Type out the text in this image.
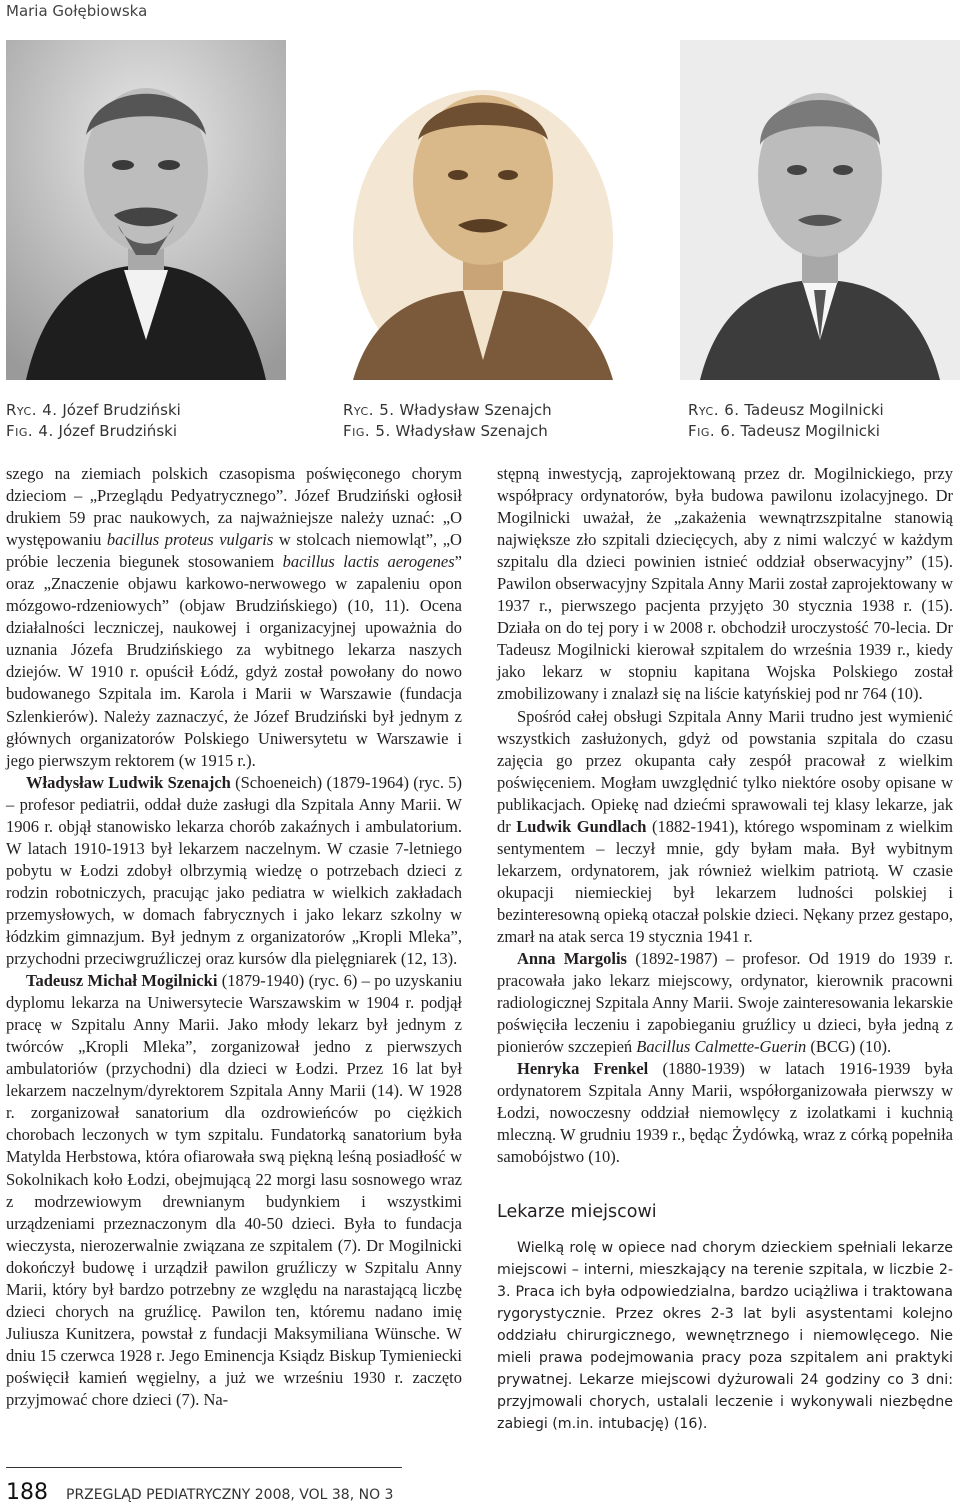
Maria Gołębiowska
Ryc. 4. Józef Brudziński
Fig. 4. Józef Brudziński
Ryc. 5. Władysław Szenajch
Fig. 5. Władysław Szenajch
Ryc. 6. Tadeusz Mogilnicki
Fig. 6. Tadeusz Mogilnicki

szego na ziemiach polskich czasopisma poświęconego chorym dzieciom – „Przeglądu Pedyatrycznego”. Józef Brudziński ogłosił drukiem 59 prac naukowych, za najważniejsze należy uznać: „O występowaniu bacillus proteus vulgaris w stolcach niemowląt”, „O próbie leczenia biegunek stosowaniem bacillus lactis aerogenes” oraz „Znaczenie objawu karkowo-nerwowego w zapaleniu opon mózgowo-rdzeniowych” (objaw Brudzińskiego) (10, 11). Ocena działalności leczniczej, naukowej i organizacyjnej upoważnia do uznania Józefa Brudzińskiego za wybitnego lekarza naszych dziejów. W 1910 r. opuścił Łódź, gdyż został powołany do nowo budowanego Szpitala im. Karola i Marii w Warszawie (fundacja Szlenkierów). Należy zaznaczyć, że Józef Brudziński był jednym z głównych organizatorów Polskiego Uniwersytetu w Warszawie i jego pierwszym rektorem (w 1915 r.).

Władysław Ludwik Szenajch (Schoeneich) (1879-1964) (ryc. 5) – profesor pediatrii, oddał duże zasługi dla Szpitala Anny Marii. W 1906 r. objął stanowisko lekarza chorób zakaźnych i ambulatorium. W latach 1910-1913 był lekarzem naczelnym. W czasie 7-letniego pobytu w Łodzi zdobył olbrzymią wiedzę o potrzebach dzieci z rodzin robotniczych, pracując jako pediatra w wielkich zakładach przemysłowych, w domach fabrycznych i jako lekarz szkolny w łódzkim gimnazjum. Był jednym z organizatorów „Kropli Mleka”, przychodni przeciwgruźliczej oraz kursów dla pielęgniarek (12, 13).

Tadeusz Michał Mogilnicki (1879-1940) (ryc. 6) – po uzyskaniu dyplomu lekarza na Uniwersytecie Warszawskim w 1904 r. podjął pracę w Szpitalu Anny Marii. Jako młody lekarz był jednym z twórców „Kropli Mleka”, zorganizował jedno z pierwszych ambulatoriów (przychodni) dla dzieci w Łodzi. Przez 16 lat był lekarzem naczelnym/dyrektorem Szpitala Anny Marii (14). W 1928 r. zorganizował sanatorium dla ozdrowieńców po ciężkich chorobach leczonych w tym szpitalu. Fundatorką sanatorium była Matylda Herbstowa, która ofiarowała swą piękną leśną posiadłość w Sokolnikach koło Łodzi, obejmującą 22 morgi lasu sosnowego wraz z modrzewiowym drewnianym budynkiem i wszystkimi urządzeniami przeznaczonym dla 40-50 dzieci. Była to fundacja wieczysta, nierozerwalnie związana ze szpitalem (7). Dr Mogilnicki dokończył budowę i urządził pawilon gruźliczy w Szpitalu Anny Marii, który był bardzo potrzebny ze względu na narastającą liczbę dzieci chorych na gruźlicę. Pawilon ten, któremu nadano imię Juliusza Kunitzera, powstał z fundacji Maksymiliana Wünsche. W dniu 15 czerwca 1928 r. Jego Eminencja Ksiądz Biskup Tymieniecki poświęcił kamień węgielny, a już we wrześniu 1930 r. zaczęto przyjmować chore dzieci (7). Na-

stępną inwestycją, zaprojektowaną przez dr. Mogilnickiego, przy współpracy ordynatorów, była budowa pawilonu izolacyjnego. Dr Mogilnicki uważał, że „zakażenia wewnątrzszpitalne stanowią największe zło szpitali dziecięcych, aby z nimi walczyć w każdym szpitalu dla dzieci powinien istnieć oddział obserwacyjny” (15). Pawilon obserwacyjny Szpitala Anny Marii został zaprojektowany w 1937 r., pierwszego pacjenta przyjęto 30 stycznia 1938 r. (15). Działa on do tej pory i w 2008 r. obchodził uroczystość 70-lecia. Dr Tadeusz Mogilnicki kierował szpitalem do września 1939 r., kiedy jako lekarz w stopniu kapitana Wojska Polskiego został zmobilizowany i znalazł się na liście katyńskiej pod nr 764 (10).

Spośród całej obsługi Szpitala Anny Marii trudno jest wymienić wszystkich zasłużonych, gdyż od powstania szpitala do czasu zajęcia go przez okupanta cały zespół pracował z wielkim poświęceniem. Mogłam uwzględnić tylko niektóre osoby opisane w publikacjach. Opiekę nad dziećmi sprawowali tej klasy lekarze, jak dr Ludwik Gundlach (1882-1941), którego wspominam z wielkim sentymentem – leczył mnie, gdy byłam mała. Był wybitnym lekarzem, ordynatorem, jak również wielkim patriotą. W czasie okupacji niemieckiej był lekarzem ludności polskiej i bezinteresowną opieką otaczał polskie dzieci. Nękany przez gestapo, zmarł na atak serca 19 stycznia 1941 r.

Anna Margolis (1892-1987) – profesor. Od 1919 do 1939 r. pracowała jako lekarz miejscowy, ordynator, kierownik pracowni radiologicznej Szpitala Anny Marii. Swoje zainteresowania lekarskie poświęciła leczeniu i zapobieganiu gruźlicy u dzieci, była jedną z pionierów szczepień Bacillus Calmette-Guerin (BCG) (10).

Henryka Frenkel (1880-1939) w latach 1916-1939 była ordynatorem Szpitala Anny Marii, współorganizowała pierwszy w Łodzi, nowoczesny oddział niemowlęcy z izolatkami i kuchnią mleczną. W grudniu 1939 r., będąc Żydówką, wraz z córką popełniła samobójstwo (10).

Lekarze miejscowi

Wielką rolę w opiece nad chorym dzieckiem spełniali lekarze miejscowi – interni, mieszkający na terenie szpitala, w liczbie 2-3. Praca ich była odpowiedzialna, bardzo uciążliwa i traktowana rygorystycznie. Przez okres 2-3 lat byli asystentami kolejno oddziału chirurgicznego, wewnętrznego i niemowlęcego. Nie mieli prawa podejmowania pracy poza szpitalem ani praktyki prywatnej. Lekarze miejscowi dyżurowali 24 godziny co 3 dni: przyjmowali chorych, ustalali leczenie i wykonywali niezbędne zabiegi (m.in. intubację) (16).

188 PRZEGLĄD PEDIATRYCZNY 2008, VOL 38, NO 3
